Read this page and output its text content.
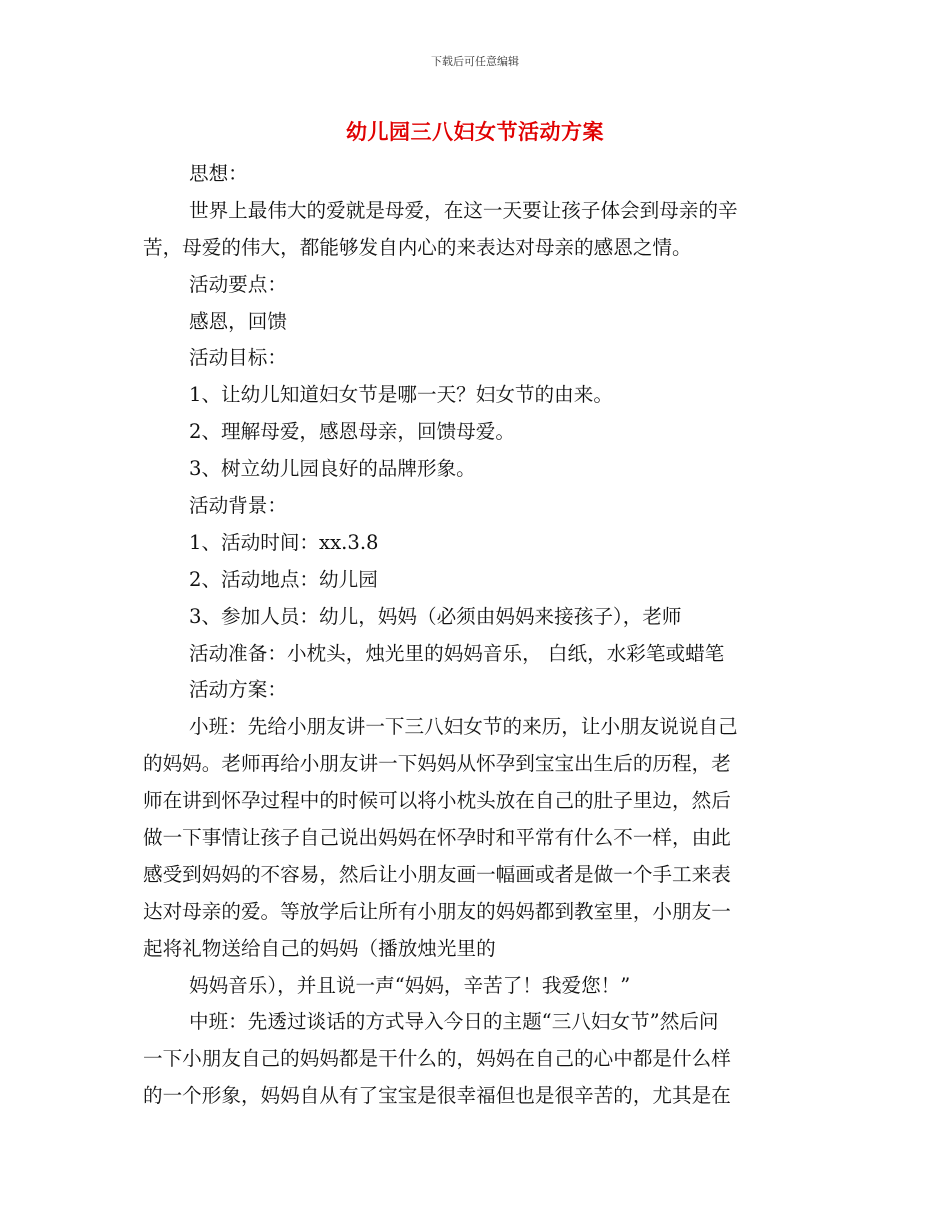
下载后可任意编辑
幼儿园三八妇女节活动方案
思想：
世界上最伟大的爱就是母爱，在这一天要让孩子体会到母亲的辛
苦，母爱的伟大，都能够发自内心的来表达对母亲的感恩之情。
活动要点：
感恩，回馈
活动目标：
1、让幼儿知道妇女节是哪一天？妇女节的由来。
2、理解母爱，感恩母亲，回馈母爱。
3、树立幼儿园良好的品牌形象。
活动背景：
1、活动时间：xx.3.8
2、活动地点：幼儿园
3、参加人员：幼儿，妈妈（必须由妈妈来接孩子），老师
活动准备：小枕头，烛光里的妈妈音乐， 白纸，水彩笔或蜡笔
活动方案：
小班：先给小朋友讲一下三八妇女节的来历，让小朋友说说自己
的妈妈。老师再给小朋友讲一下妈妈从怀孕到宝宝出生后的历程，老
师在讲到怀孕过程中的时候可以将小枕头放在自己的肚子里边，然后
做一下事情让孩子自己说出妈妈在怀孕时和平常有什么不一样，由此
感受到妈妈的不容易，然后让小朋友画一幅画或者是做一个手工来表
达对母亲的爱。等放学后让所有小朋友的妈妈都到教室里，小朋友一
起将礼物送给自己的妈妈（播放烛光里的
妈妈音乐），并且说一声“妈妈，辛苦了！我爱您！”
中班：先透过谈话的方式导入今日的主题“三八妇女节”然后问
一下小朋友自己的妈妈都是干什么的，妈妈在自己的心中都是什么样
的一个形象，妈妈自从有了宝宝是很幸福但也是很辛苦的，尤其是在
